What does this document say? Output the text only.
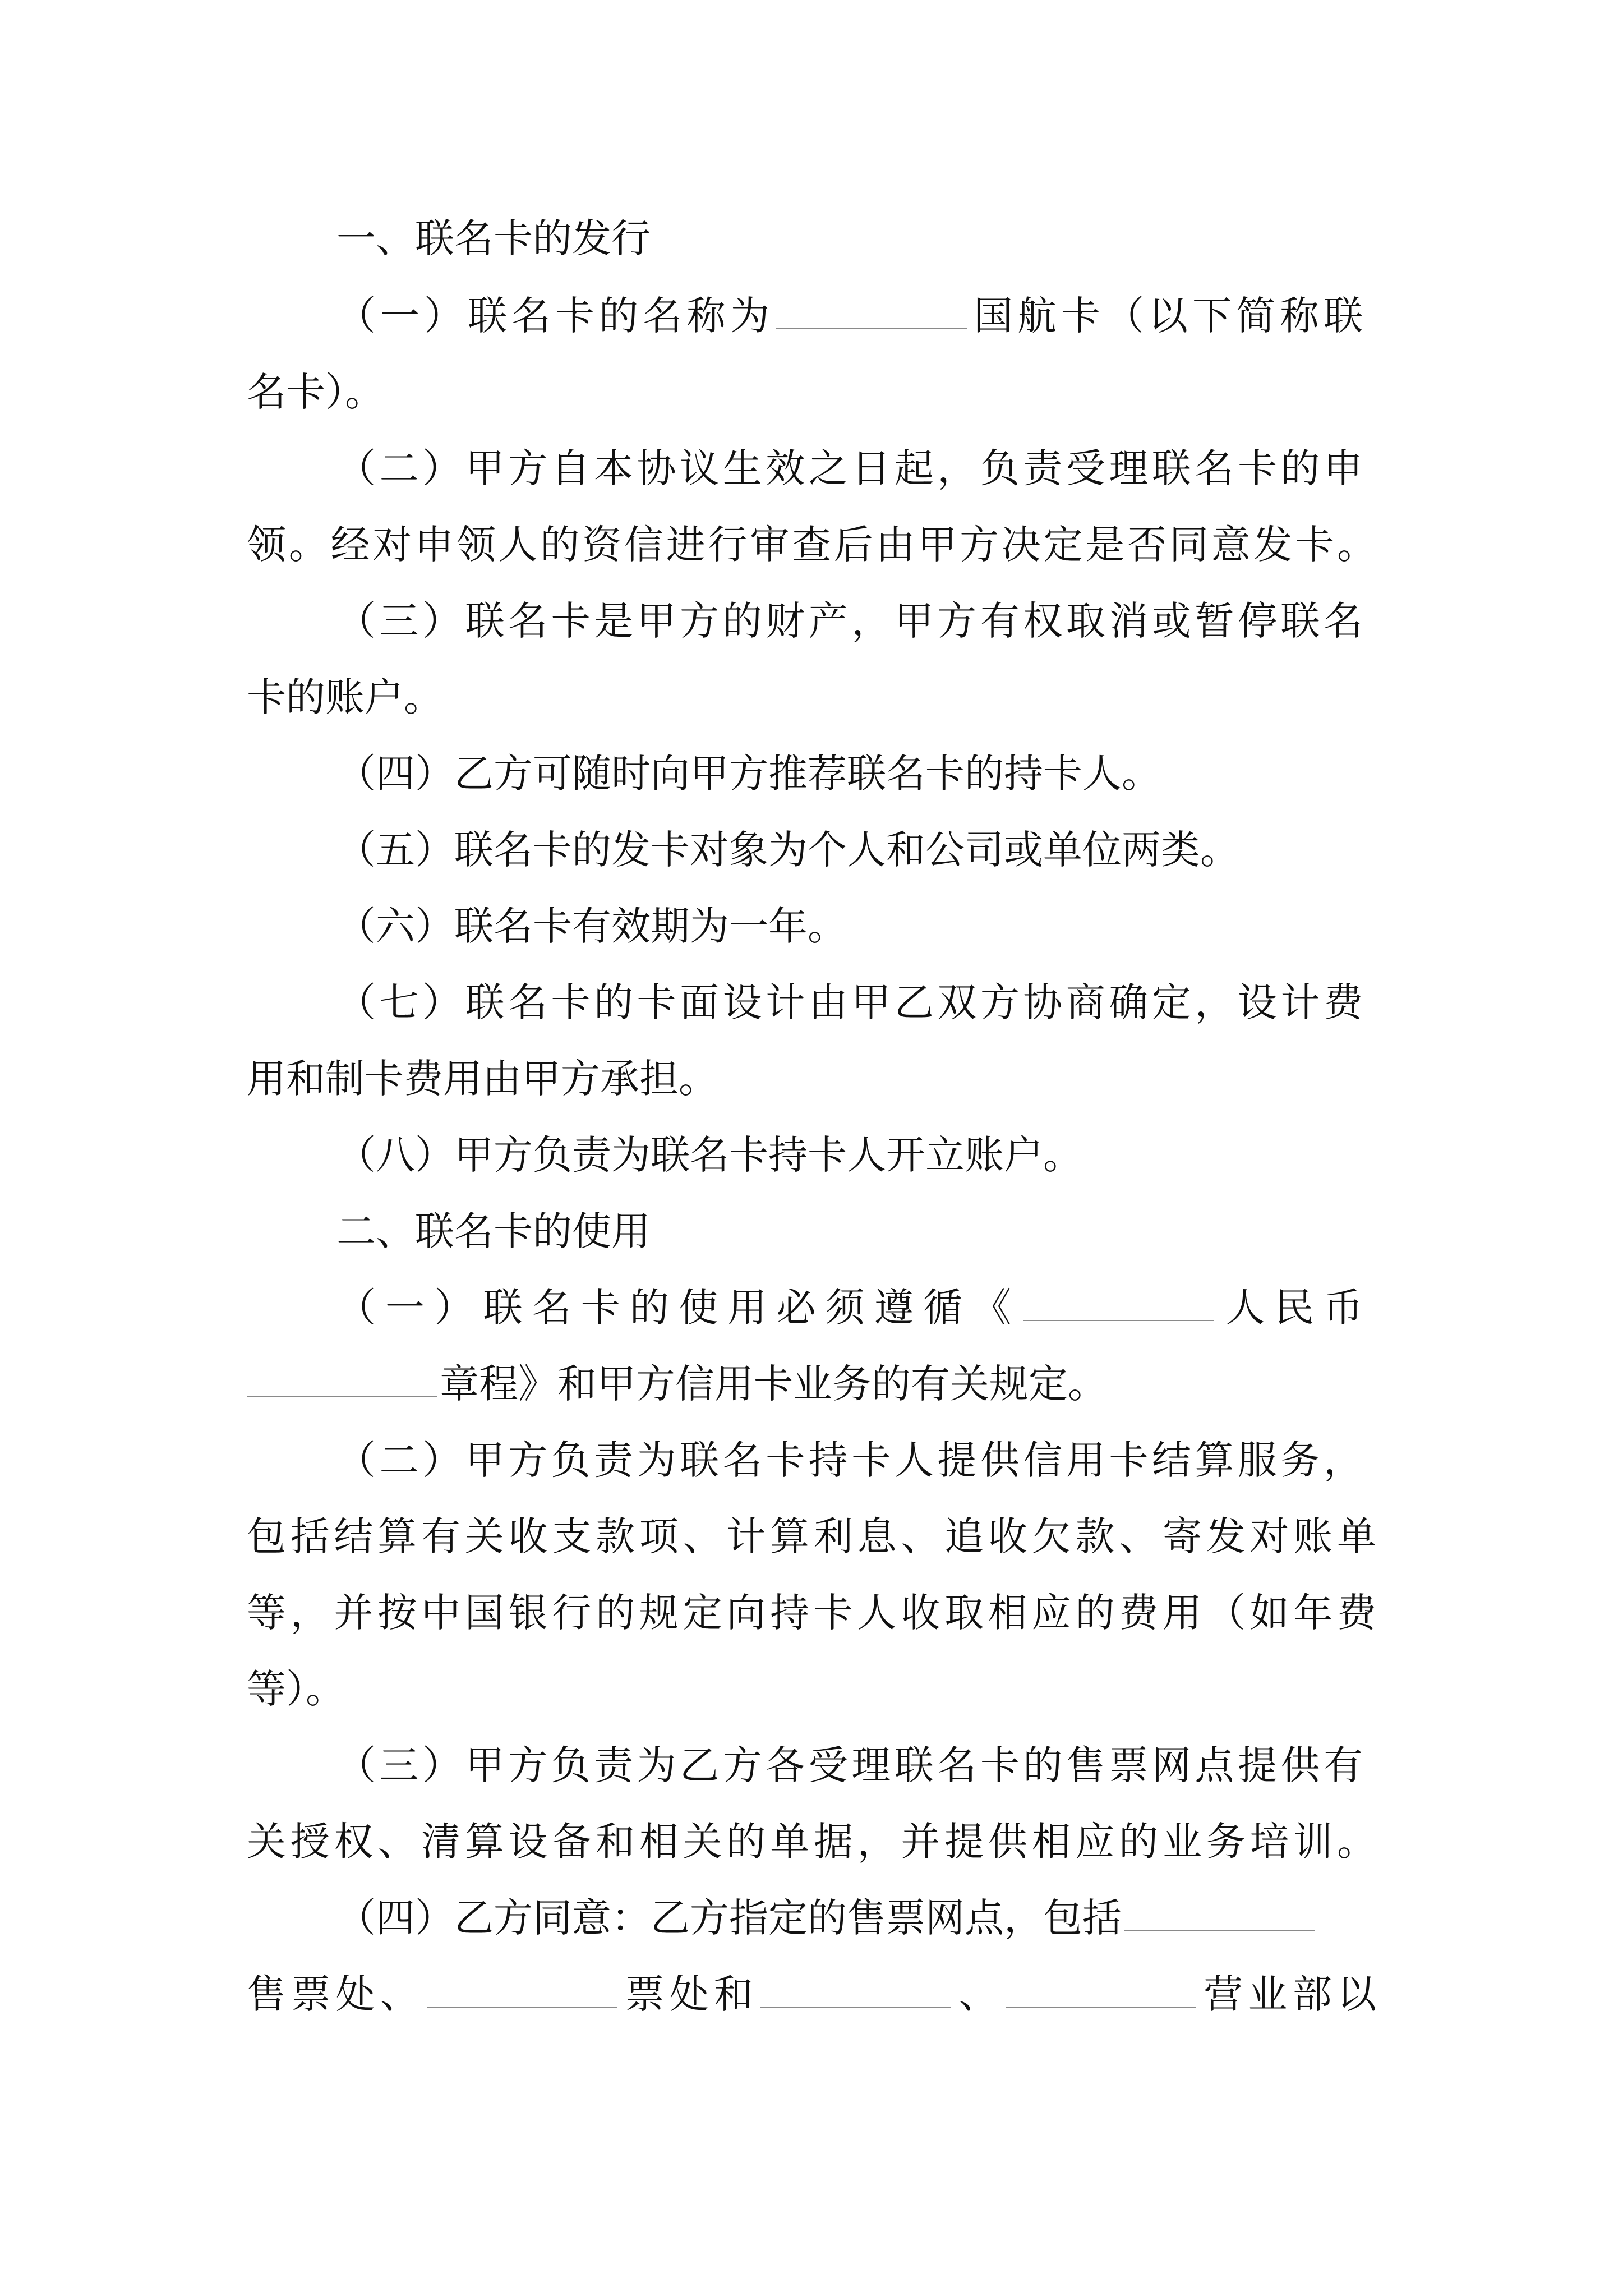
一、联名卡的发行
（一）联名卡的名称为	国航卡（以下简称联
名卡）。
（二）甲方自本协议生效之日起，负责受理联名卡的申
领。经对申领人的资信进行审查后由甲方决定是否同意发卡。
（三）联名卡是甲方的财产，甲方有权取消或暂停联名
卡的账户。
（四）乙方可随时向甲方推荐联名卡的持卡人。
（五）联名卡的发卡对象为个人和公司或单位两类。
（六）联名卡有效期为一年。
（七）联名卡的卡面设计由甲乙双方协商确定，设计费
用和制卡费用由甲方承担。
（八）甲方负责为联名卡持卡人开立账户。
二、联名卡的使用
（一）联名卡的使用必须遵循《	人民币
章程》和甲方信用卡业务的有关规定。
（二）甲方负责为联名卡持卡人提供信用卡结算服务，
包括结算有关收支款项、计算利息、追收欠款、寄发对账单
等，并按中国银行的规定向持卡人收取相应的费用（如年费
等）。
（三）甲方负责为乙方各受理联名卡的售票网点提供有
关授权、清算设备和相关的单据，并提供相应的业务培训。
（四）乙方同意：乙方指定的售票网点，包括
售票处、	票处和	、	营业部以
